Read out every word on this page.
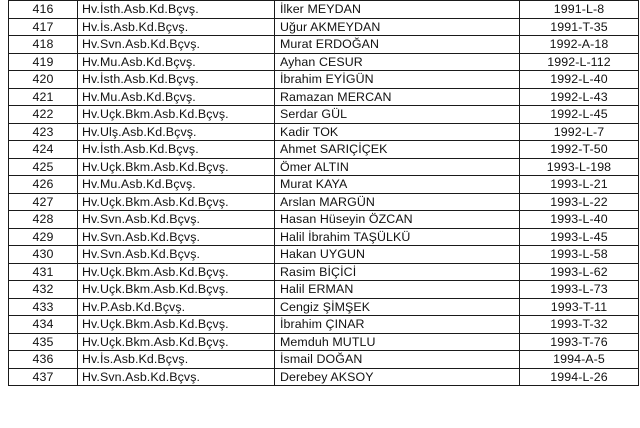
416	Hv.İsth.Asb.Kd.Bçvş.	İlker MEYDAN	1991-L-8
417	Hv.İs.Asb.Kd.Bçvş.	Uğur AKMEYDAN	1991-T-35
418	Hv.Svn.Asb.Kd.Bçvş.	Murat ERDOĞAN	1992-A-18
419	Hv.Mu.Asb.Kd.Bçvş.	Ayhan CESUR	1992-L-112
420	Hv.İsth.Asb.Kd.Bçvş.	İbrahim EYİGÜN	1992-L-40
421	Hv.Mu.Asb.Kd.Bçvş.	Ramazan MERCAN	1992-L-43
422	Hv.Uçk.Bkm.Asb.Kd.Bçvş.	Serdar GÜL	1992-L-45
423	Hv.Ulş.Asb.Kd.Bçvş.	Kadir TOK	1992-L-7
424	Hv.İsth.Asb.Kd.Bçvş.	Ahmet SARIÇİÇEK	1992-T-50
425	Hv.Uçk.Bkm.Asb.Kd.Bçvş.	Ömer ALTIN	1993-L-198
426	Hv.Mu.Asb.Kd.Bçvş.	Murat KAYA	1993-L-21
427	Hv.Uçk.Bkm.Asb.Kd.Bçvş.	Arslan MARGÜN	1993-L-22
428	Hv.Svn.Asb.Kd.Bçvş.	Hasan Hüseyin ÖZCAN	1993-L-40
429	Hv.Svn.Asb.Kd.Bçvş.	Halil İbrahim TAŞÜLKÜ	1993-L-45
430	Hv.Svn.Asb.Kd.Bçvş.	Hakan UYGUN	1993-L-58
431	Hv.Uçk.Bkm.Asb.Kd.Bçvş.	Rasim BİÇİCİ	1993-L-62
432	Hv.Uçk.Bkm.Asb.Kd.Bçvş.	Halil ERMAN	1993-L-73
433	Hv.P.Asb.Kd.Bçvş.	Cengiz ŞİMŞEK	1993-T-11
434	Hv.Uçk.Bkm.Asb.Kd.Bçvş.	İbrahim ÇINAR	1993-T-32
435	Hv.Uçk.Bkm.Asb.Kd.Bçvş.	Memduh MUTLU	1993-T-76
436	Hv.İs.Asb.Kd.Bçvş.	İsmail DOĞAN	1994-A-5
437	Hv.Svn.Asb.Kd.Bçvş.	Derebey AKSOY	1994-L-26
